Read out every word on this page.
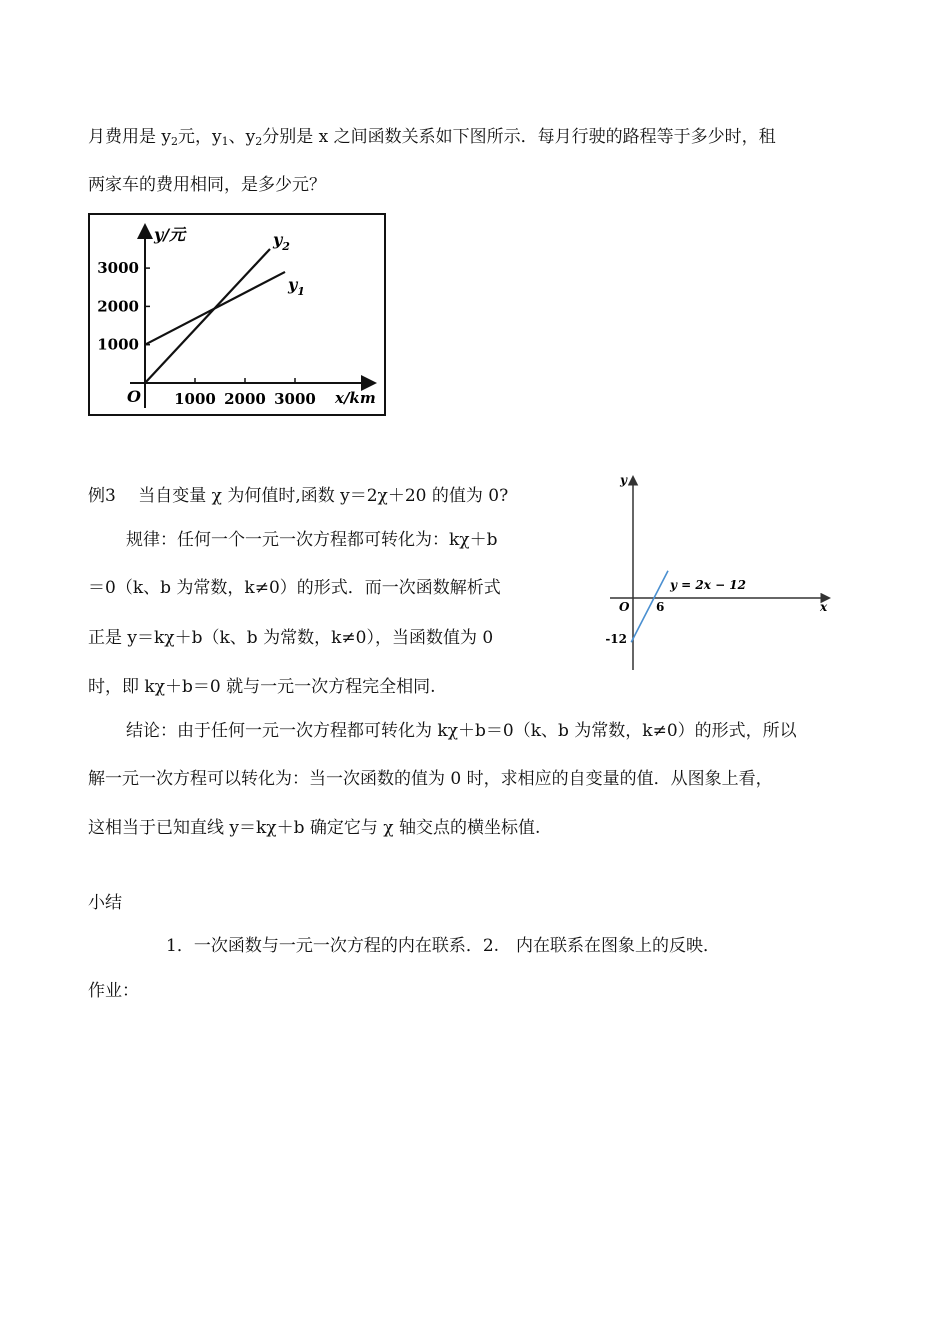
月费用是 $y_2$元，$y_1$、$y_2$分别是 x 之间函数关系如下图所示．每月行驶的路程等于多少时，租
两家车的费用相同，是多少元？
y/元
x/km
O 1000 2000 3000
1000
2000
3000
$y_1$
$y_2$
例3　 当自变量 χ 为何值时,函数 y＝2χ＋20 的值为 0?
规律：任何一个一元一次方程都可转化为：kχ＋b
＝0（k、b 为常数，k≠0）的形式．而一次函数解析式
正是 y＝kχ＋b（k、b 为常数，k≠0），当函数值为 0
时，即 kχ＋b＝0 就与一元一次方程完全相同.
y
x
O 6
-12
y = 2x − 12
结论：由于任何一元一次方程都可转化为 kχ＋b＝0（k、b 为常数，k≠0）的形式，所以
解一元一次方程可以转化为：当一次函数的值为 0 时，求相应的自变量的值．从图象上看，
这相当于已知直线 y＝kχ＋b 确定它与 χ 轴交点的横坐标值.
小结
1．一次函数与一元一次方程的内在联系．2.　内在联系在图象上的反映．
作业：
